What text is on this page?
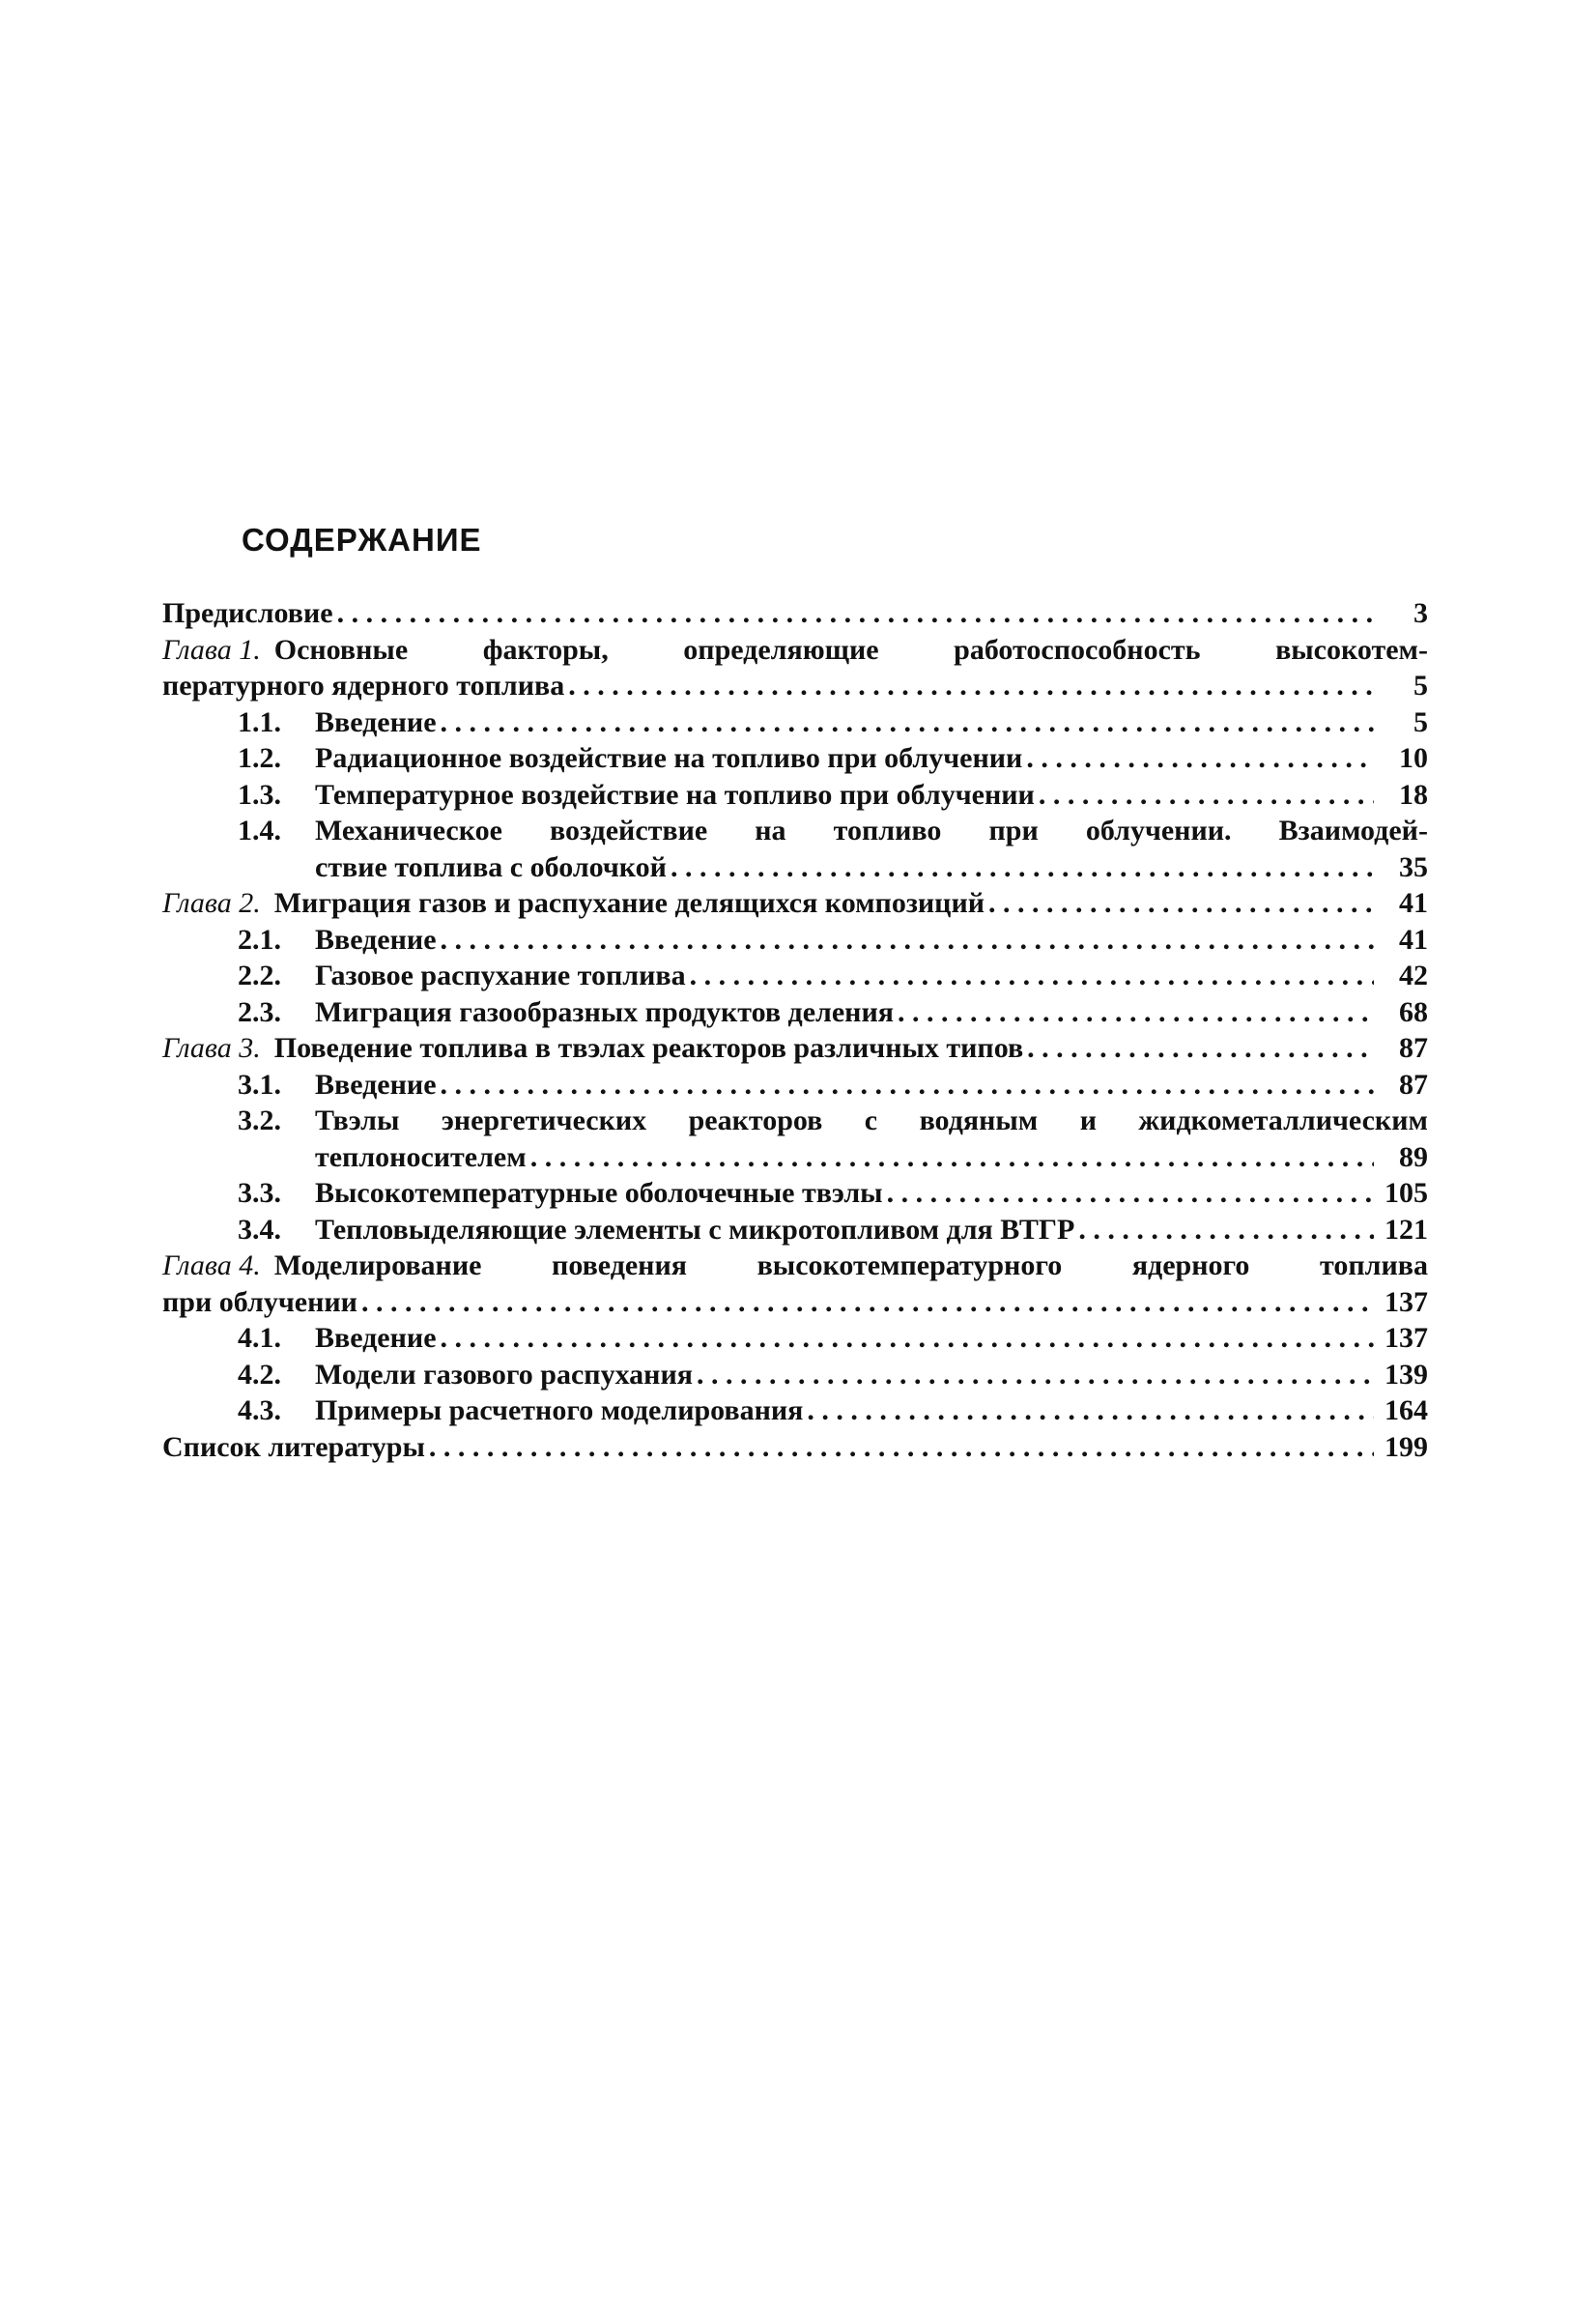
СОДЕРЖАНИЕ
Предисловие . . .	3
Глава 1. Основные	факторы,	определяющие	работоспособность	высокотем-
пературного ядерного топлива . . .	5
1.1.	Введение . . .	5
1.2.	Радиационное воздействие на топливо при облучении . . .	10
1.3.	Температурное воздействие на топливо при облучении . . .	18
1.4.	Механическое воздействие на топливо при облучении. Взаимодей-
ствие топлива с оболочкой . . .	35
Глава 2. Миграция газов и распухание делящихся композиций . . .	41
2.1.	Введение . . .	41
2.2.	Газовое распухание топлива . . .	42
2.3.	Миграция газообразных продуктов деления . . .	68
Глава 3. Поведение топлива в твэлах реакторов различных типов . . .	87
3.1.	Введение . . .	87
3.2.	Твэлы энергетических реакторов с водяным и жидкометаллическим
теплоносителем . . .	89
3.3.	Высокотемпературные оболочечные твэлы . . .	105
3.4.	Тепловыделяющие элементы с микротопливом для ВТГР . . .	121
Глава 4. Моделирование поведения высокотемпературного ядерного топлива
при облучении . . .	137
4.1.	Введение . . .	137
4.2.	Модели газового распухания . . .	139
4.3.	Примеры расчетного моделирования . . .	164
Список литературы . . .	199
